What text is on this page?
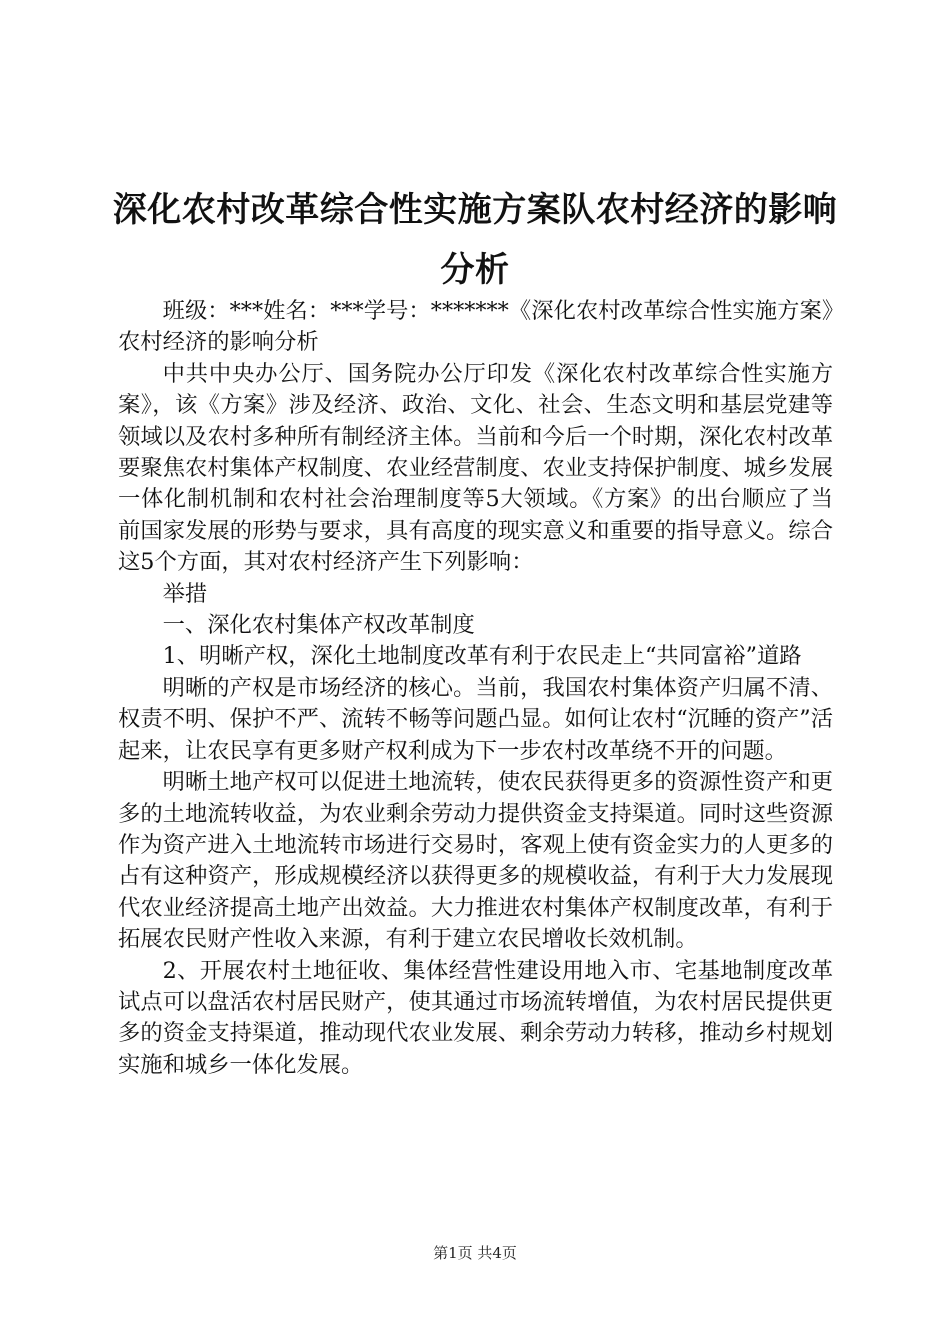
深化农村改革综合性实施方案队农村经济的影响分析

班级：***姓名：***学号：*******《深化农村改革综合性实施方案》农村经济的影响分析

中共中央办公厅、国务院办公厅印发《深化农村改革综合性实施方案》，该《方案》涉及经济、政治、文化、社会、生态文明和基层党建等领域以及农村多种所有制经济主体。当前和今后一个时期，深化农村改革要聚焦农村集体产权制度、农业经营制度、农业支持保护制度、城乡发展一体化制机制和农村社会治理制度等5大领域。《方案》的出台顺应了当前国家发展的形势与要求，具有高度的现实意义和重要的指导意义。综合这5个方面，其对农村经济产生下列影响：

举措

一、深化农村集体产权改革制度

1、明晰产权，深化土地制度改革有利于农民走上“共同富裕”道路

明晰的产权是市场经济的核心。当前，我国农村集体资产归属不清、权责不明、保护不严、流转不畅等问题凸显。如何让农村“沉睡的资产”活起来，让农民享有更多财产权利成为下一步农村改革绕不开的问题。

明晰土地产权可以促进土地流转，使农民获得更多的资源性资产和更多的土地流转收益，为农业剩余劳动力提供资金支持渠道。同时这些资源作为资产进入土地流转市场进行交易时，客观上使有资金实力的人更多的占有这种资产，形成规模经济以获得更多的规模收益，有利于大力发展现代农业经济提高土地产出效益。大力推进农村集体产权制度改革，有利于拓展农民财产性收入来源，有利于建立农民增收长效机制。

2、开展农村土地征收、集体经营性建设用地入市、宅基地制度改革试点可以盘活农村居民财产，使其通过市场流转增值，为农村居民提供更多的资金支持渠道，推动现代农业发展、剩余劳动力转移，推动乡村规划实施和城乡一体化发展。

第1页 共4页
